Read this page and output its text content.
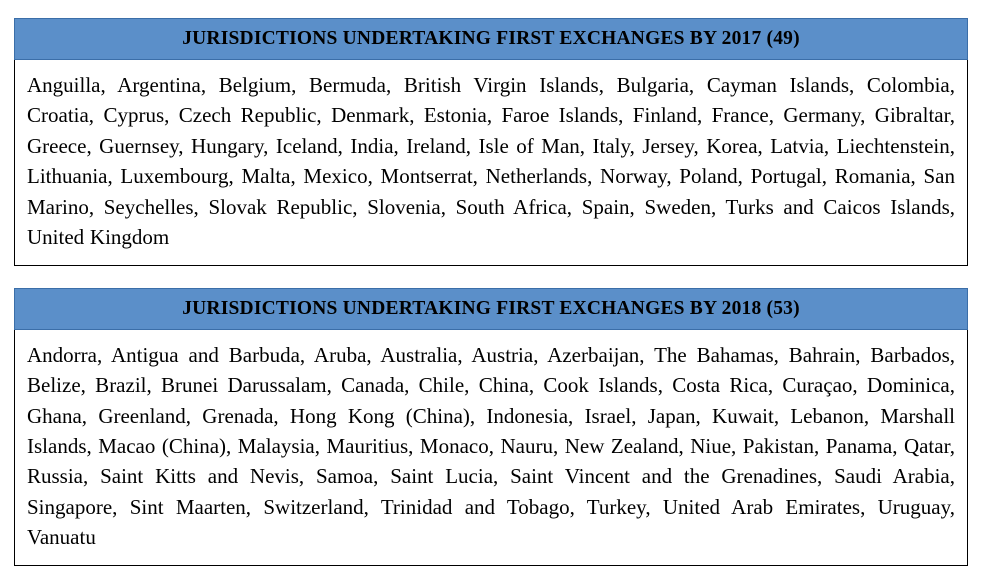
JURISDICTIONS UNDERTAKING FIRST EXCHANGES BY 2017 (49)
Anguilla, Argentina, Belgium, Bermuda, British Virgin Islands, Bulgaria, Cayman Islands, Colombia, Croatia, Cyprus, Czech Republic, Denmark, Estonia, Faroe Islands, Finland, France, Germany, Gibraltar, Greece, Guernsey, Hungary, Iceland, India, Ireland, Isle of Man, Italy, Jersey, Korea, Latvia, Liechtenstein, Lithuania, Luxembourg, Malta, Mexico, Montserrat, Netherlands, Norway, Poland, Portugal, Romania, San Marino, Seychelles, Slovak Republic, Slovenia, South Africa, Spain, Sweden, Turks and Caicos Islands, United Kingdom
JURISDICTIONS UNDERTAKING FIRST EXCHANGES BY 2018 (53)
Andorra, Antigua and Barbuda, Aruba, Australia, Austria, Azerbaijan, The Bahamas, Bahrain, Barbados, Belize, Brazil, Brunei Darussalam, Canada, Chile, China, Cook Islands, Costa Rica, Curaçao, Dominica, Ghana, Greenland, Grenada, Hong Kong (China), Indonesia, Israel, Japan, Kuwait, Lebanon, Marshall Islands, Macao (China), Malaysia, Mauritius, Monaco, Nauru, New Zealand, Niue, Pakistan, Panama, Qatar, Russia, Saint Kitts and Nevis, Samoa, Saint Lucia, Saint Vincent and the Grenadines, Saudi Arabia, Singapore, Sint Maarten, Switzerland, Trinidad and Tobago, Turkey, United Arab Emirates, Uruguay, Vanuatu
